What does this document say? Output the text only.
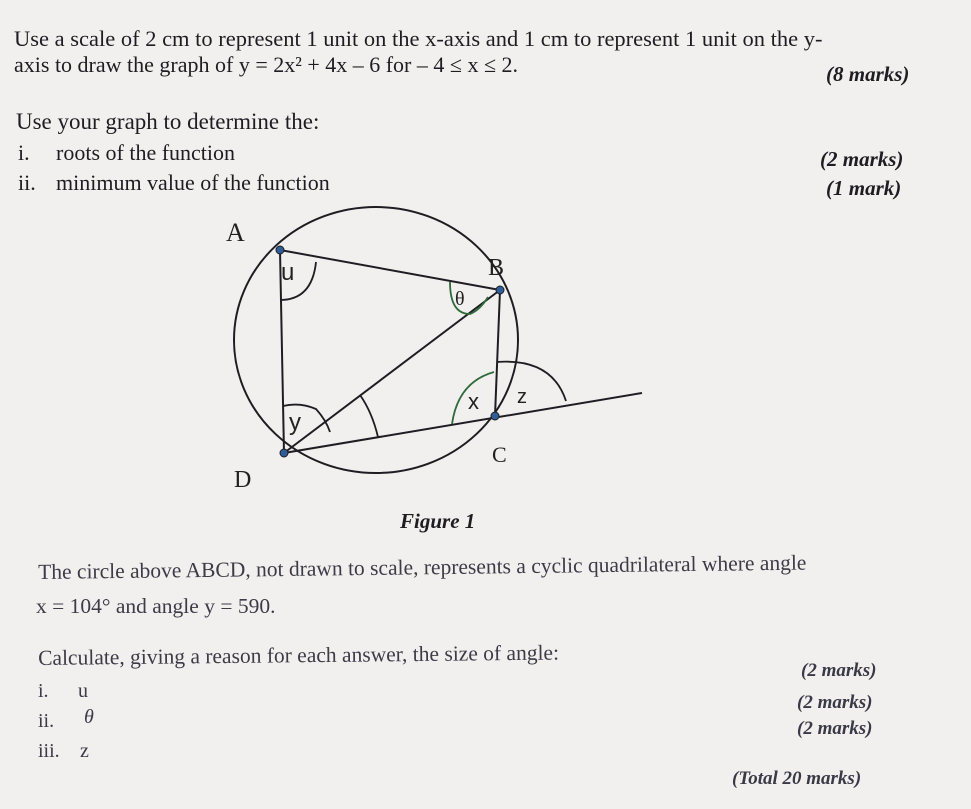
Use a scale of 2 cm to represent 1 unit on the x-axis and 1 cm to represent 1 unit on the y-
axis to draw the graph of y = 2x² + 4x – 6 for – 4 ≤ x ≤ 2.	(8 marks)
Use your graph to determine the:
i. roots of the function	(2 marks)
ii. minimum value of the function	(1 mark)
A
B
C
D
u
θ
y
x z
Figure 1
The circle above ABCD, not drawn to scale, represents a cyclic quadrilateral where angle
x = 104° and angle y = 590.
Calculate, giving a reason for each answer, the size of angle:
i. u
(2 marks)
ii. θ
(2 marks)
iii. z
(2 marks)
(Total 20 marks)
